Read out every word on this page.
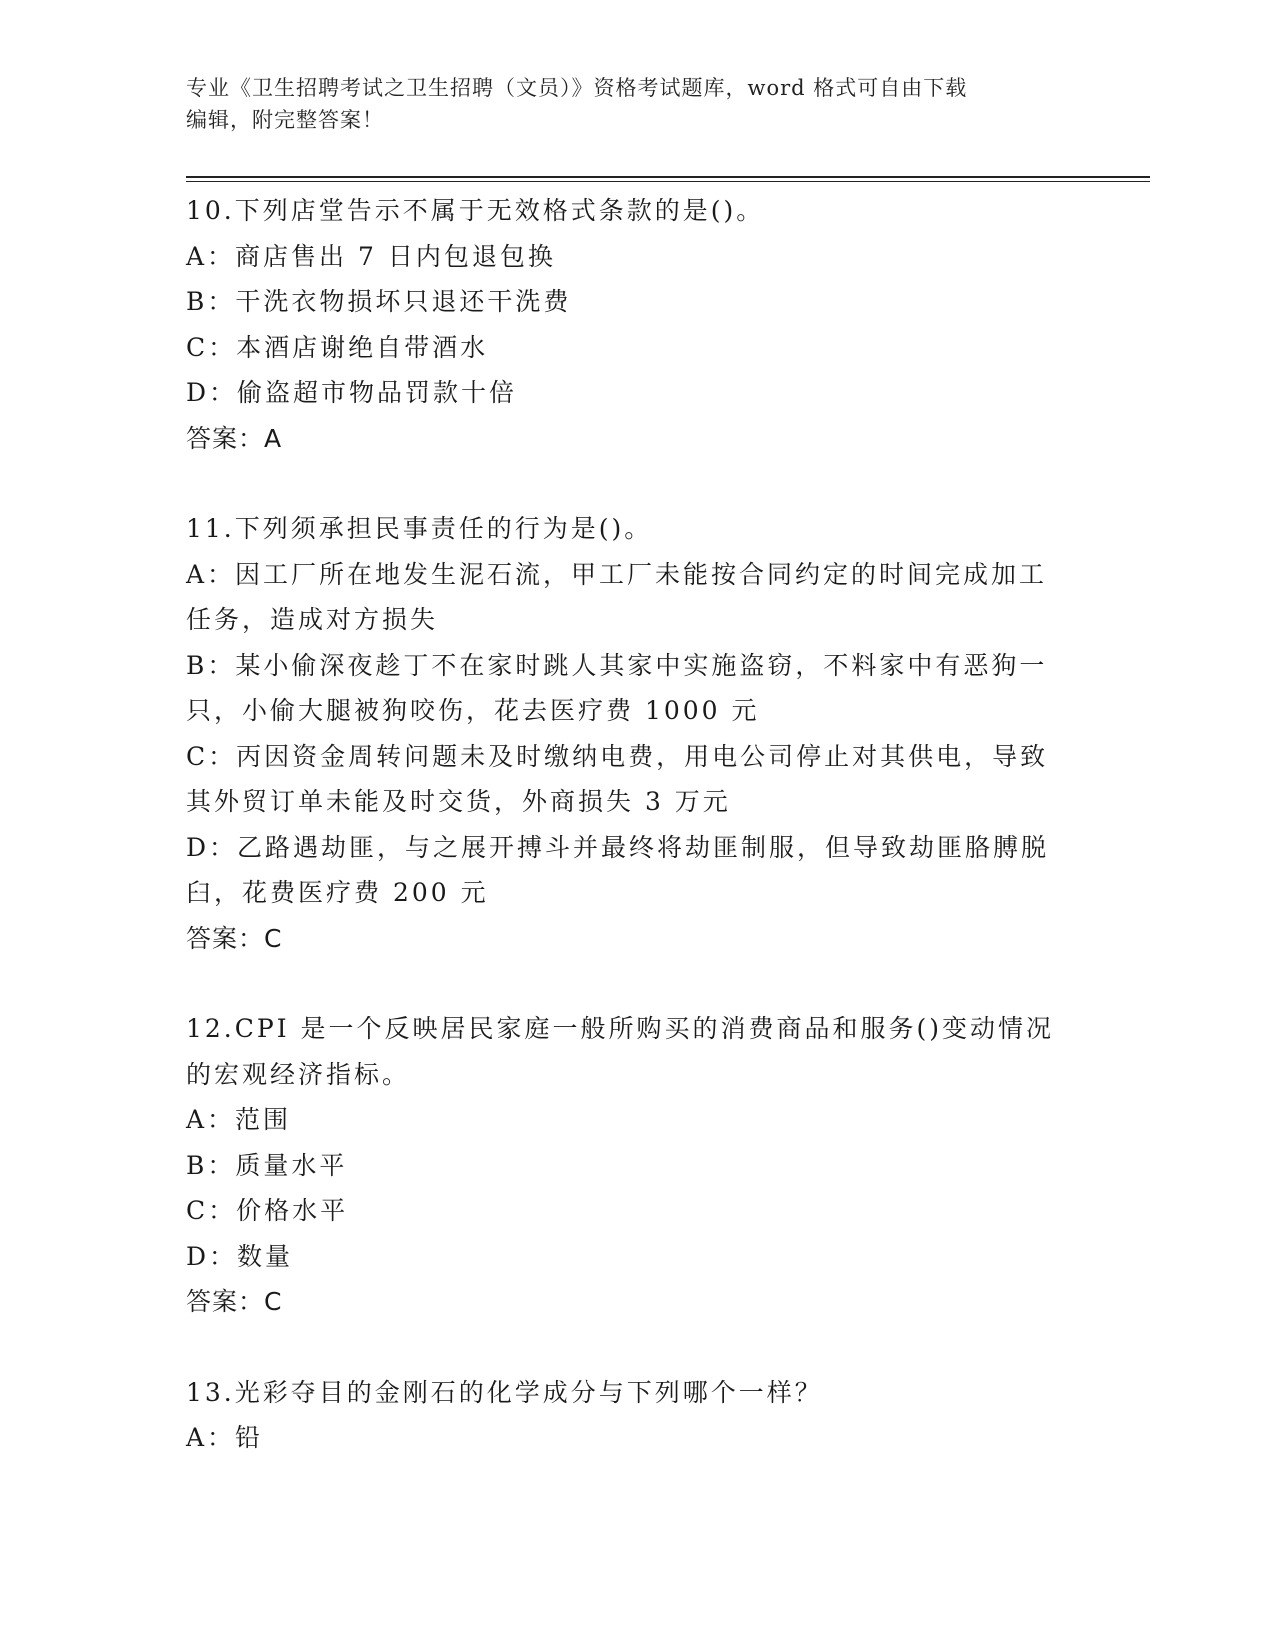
专业《卫生招聘考试之卫生招聘（文员）》资格考试题库，word 格式可自由下载
编辑，附完整答案！
10.下列店堂告示不属于无效格式条款的是()。
A：商店售出 7 日内包退包换
B：干洗衣物损坏只退还干洗费
C：本酒店谢绝自带酒水
D：偷盗超市物品罚款十倍
答案：A
11.下列须承担民事责任的行为是()。
A：因工厂所在地发生泥石流，甲工厂未能按合同约定的时间完成加工
任务，造成对方损失
B：某小偷深夜趁丁不在家时跳人其家中实施盗窃，不料家中有恶狗一
只，小偷大腿被狗咬伤，花去医疗费 1000 元
C：丙因资金周转问题未及时缴纳电费，用电公司停止对其供电，导致
其外贸订单未能及时交货，外商损失 3 万元
D：乙路遇劫匪，与之展开搏斗并最终将劫匪制服，但导致劫匪胳膊脱
臼，花费医疗费 200 元
答案：C
12.CPI 是一个反映居民家庭一般所购买的消费商品和服务()变动情况
的宏观经济指标。
A：范围
B：质量水平
C：价格水平
D：数量
答案：C
13.光彩夺目的金刚石的化学成分与下列哪个一样？
A：铅
